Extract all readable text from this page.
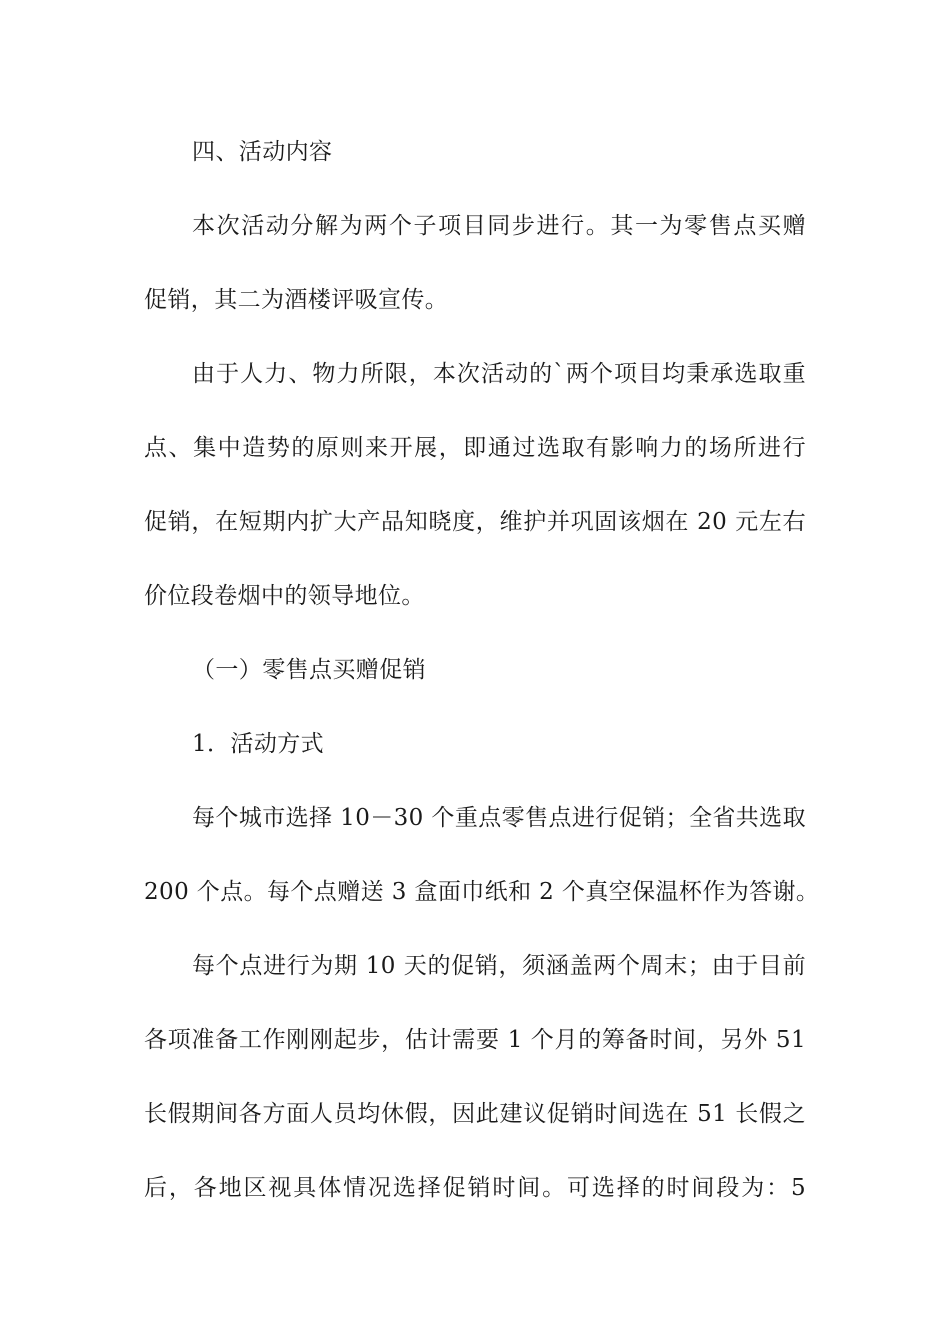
四、活动内容
本次活动分解为两个子项目同步进行。其一为零售点买赠
促销，其二为酒楼评吸宣传。
由于人力、物力所限，本次活动的`两个项目均秉承选取重
点、集中造势的原则来开展，即通过选取有影响力的场所进行
促销，在短期内扩大产品知晓度，维护并巩固该烟在 20 元左右
价位段卷烟中的领导地位。
（一）零售点买赠促销
1．活动方式
每个城市选择 10－30 个重点零售点进行促销；全省共选取
200 个点。每个点赠送 3 盒面巾纸和 2 个真空保温杯作为答谢。
每个点进行为期 10 天的促销，须涵盖两个周末；由于目前
各项准备工作刚刚起步，估计需要 1 个月的筹备时间，另外 51
长假期间各方面人员均休假，因此建议促销时间选在 51 长假之
后，各地区视具体情况选择促销时间。可选择的时间段为：5
